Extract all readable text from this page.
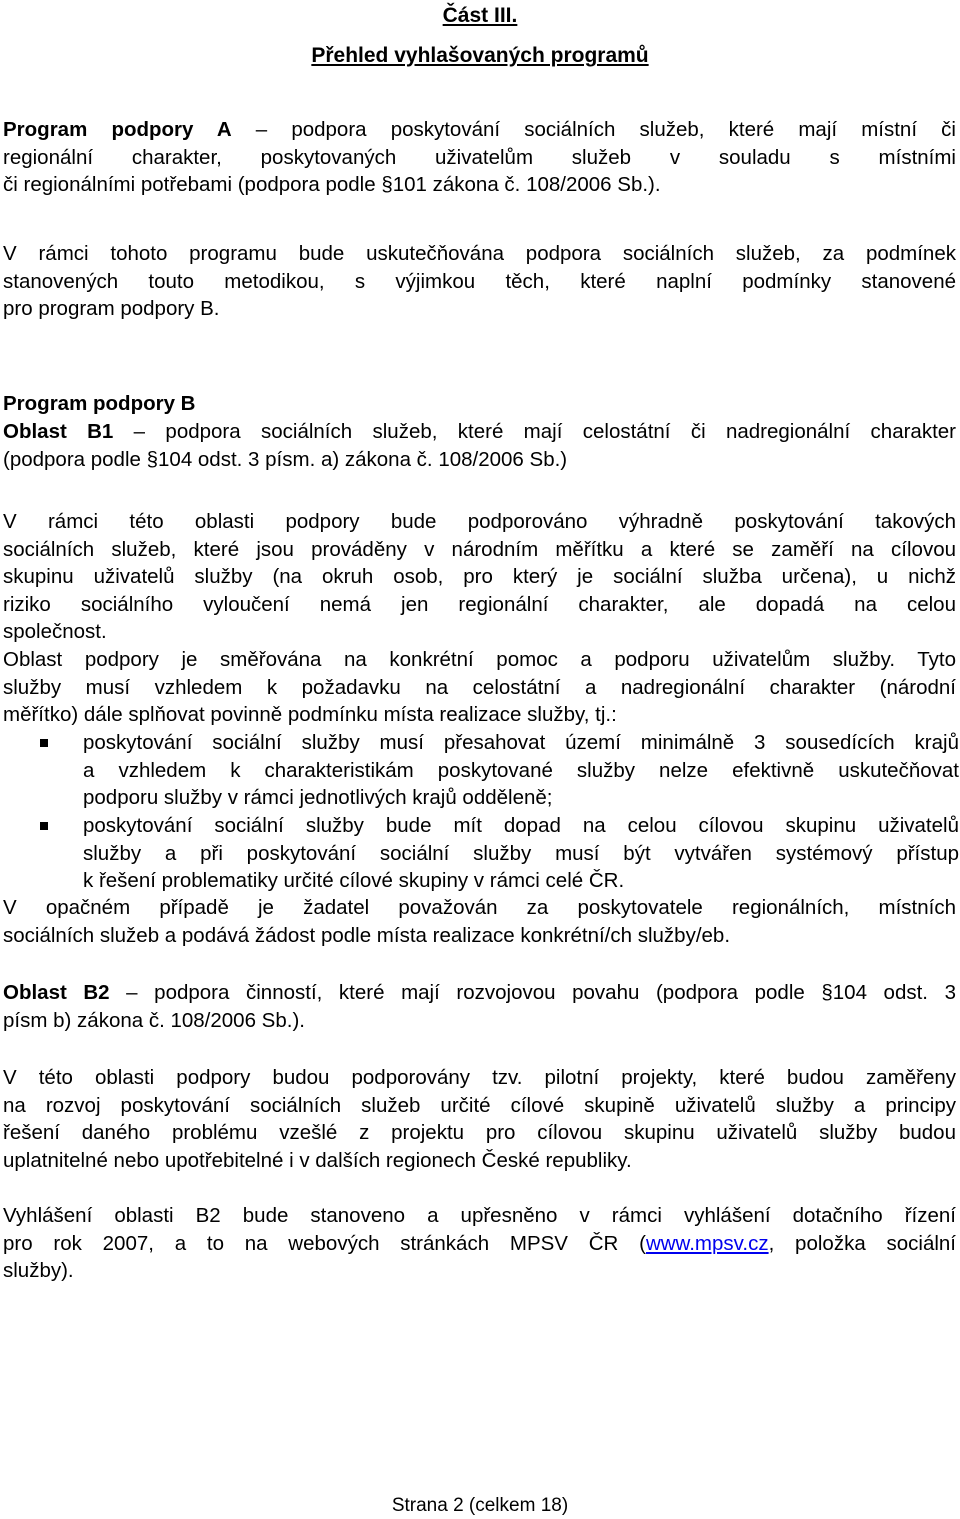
Část III.
Přehled vyhlašovaných programů
Program podpory A – podpora poskytování sociálních služeb, které mají místní či
regionální charakter, poskytovaných uživatelům služeb v souladu s místními
či regionálními potřebami (podpora podle §101 zákona č. 108/2006 Sb.).
V rámci tohoto programu bude uskutečňována podpora sociálních služeb, za podmínek
stanovených touto metodikou, s výjimkou těch, které naplní podmínky stanovené
pro program podpory B.
Program podpory B
Oblast B1 – podpora sociálních služeb, které mají celostátní či nadregionální charakter
(podpora podle §104 odst. 3 písm. a) zákona č. 108/2006 Sb.)
V rámci této oblasti podpory bude podporováno výhradně poskytování takových
sociálních služeb, které jsou prováděny v národním měřítku a které se zaměří na cílovou
skupinu uživatelů služby (na okruh osob, pro který je sociální služba určena), u nichž
riziko sociálního vyloučení nemá jen regionální charakter, ale dopadá na celou
společnost.
Oblast podpory je směřována na konkrétní pomoc a podporu uživatelům služby. Tyto
služby musí vzhledem k požadavku na celostátní a nadregionální charakter (národní
měřítko) dále splňovat povinně podmínku místa realizace služby, tj.:
poskytování sociální služby musí přesahovat území minimálně 3 sousedících krajů
a vzhledem k charakteristikám poskytované služby nelze efektivně uskutečňovat
podporu služby v rámci jednotlivých krajů odděleně;
poskytování sociální služby bude mít dopad na celou cílovou skupinu uživatelů
služby a při poskytování sociální služby musí být vytvářen systémový přístup
k řešení problematiky určité cílové skupiny v rámci celé ČR.
V opačném případě je žadatel považován za poskytovatele regionálních, místních
sociálních služeb a podává žádost podle místa realizace konkrétní/ch služby/eb.
Oblast B2 – podpora činností, které mají rozvojovou povahu (podpora podle §104 odst. 3
písm b) zákona č. 108/2006 Sb.).
V této oblasti podpory budou podporovány tzv. pilotní projekty, které budou zaměřeny
na rozvoj poskytování sociálních služeb určité cílové skupině uživatelů služby a principy
řešení daného problému vzešlé z projektu pro cílovou skupinu uživatelů služby budou
uplatnitelné nebo upotřebitelné i v dalších regionech České republiky.
Vyhlášení oblasti B2 bude stanoveno a upřesněno v rámci vyhlášení dotačního řízení
pro rok 2007, a to na webových stránkách MPSV ČR (www.mpsv.cz, položka sociální
služby).
Strana 2 (celkem 18)
